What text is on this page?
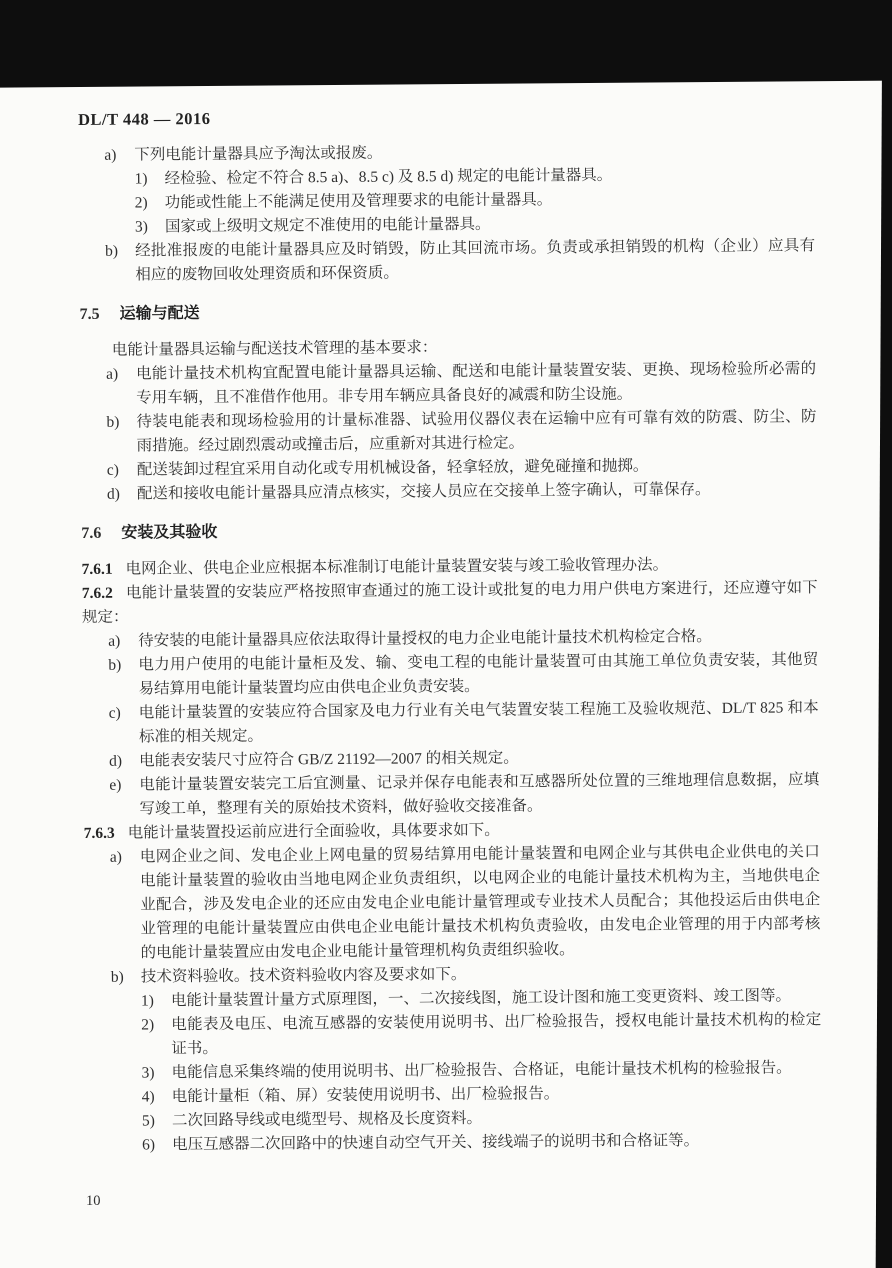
DL/T 448 — 2016
a)	下列电能计量器具应予淘汰或报废。
1)	经检验、检定不符合 8.5 a)、8.5 c) 及 8.5 d) 规定的电能计量器具。
2)	功能或性能上不能满足使用及管理要求的电能计量器具。
3)	国家或上级明文规定不准使用的电能计量器具。
b)	经批准报废的电能计量器具应及时销毁，防止其回流市场。负责或承担销毁的机构（企业）应具有相应的废物回收处理资质和环保资质。
7.5 运输与配送
电能计量器具运输与配送技术管理的基本要求：
a)	电能计量技术机构宜配置电能计量器具运输、配送和电能计量装置安装、更换、现场检验所必需的专用车辆，且不准借作他用。非专用车辆应具备良好的减震和防尘设施。
b)	待装电能表和现场检验用的计量标准器、试验用仪器仪表在运输中应有可靠有效的防震、防尘、防雨措施。经过剧烈震动或撞击后，应重新对其进行检定。
c)	配送装卸过程宜采用自动化或专用机械设备，轻拿轻放，避免碰撞和抛掷。
d)	配送和接收电能计量器具应清点核实，交接人员应在交接单上签字确认，可靠保存。
7.6 安装及其验收
7.6.1 电网企业、供电企业应根据本标准制订电能计量装置安装与竣工验收管理办法。
7.6.2 电能计量装置的安装应严格按照审查通过的施工设计或批复的电力用户供电方案进行，还应遵守如下规定：
a)	待安装的电能计量器具应依法取得计量授权的电力企业电能计量技术机构检定合格。
b)	电力用户使用的电能计量柜及发、输、变电工程的电能计量装置可由其施工单位负责安装，其他贸易结算用电能计量装置均应由供电企业负责安装。
c)	电能计量装置的安装应符合国家及电力行业有关电气装置安装工程施工及验收规范、DL/T 825 和本标准的相关规定。
d)	电能表安装尺寸应符合 GB/Z 21192—2007 的相关规定。
e)	电能计量装置安装完工后宜测量、记录并保存电能表和互感器所处位置的三维地理信息数据，应填写竣工单，整理有关的原始技术资料，做好验收交接准备。
7.6.3 电能计量装置投运前应进行全面验收，具体要求如下。
a)	电网企业之间、发电企业上网电量的贸易结算用电能计量装置和电网企业与其供电企业供电的关口电能计量装置的验收由当地电网企业负责组织，以电网企业的电能计量技术机构为主，当地供电企业配合，涉及发电企业的还应由发电企业电能计量管理或专业技术人员配合；其他投运后由供电企业管理的电能计量装置应由供电企业电能计量技术机构负责验收，由发电企业管理的用于内部考核的电能计量装置应由发电企业电能计量管理机构负责组织验收。
b)	技术资料验收。技术资料验收内容及要求如下。
1)	电能计量装置计量方式原理图，一、二次接线图，施工设计图和施工变更资料、竣工图等。
2)	电能表及电压、电流互感器的安装使用说明书、出厂检验报告，授权电能计量技术机构的检定证书。
3)	电能信息采集终端的使用说明书、出厂检验报告、合格证，电能计量技术机构的检验报告。
4)	电能计量柜（箱、屏）安装使用说明书、出厂检验报告。
5)	二次回路导线或电缆型号、规格及长度资料。
6)	电压互感器二次回路中的快速自动空气开关、接线端子的说明书和合格证等。
10
